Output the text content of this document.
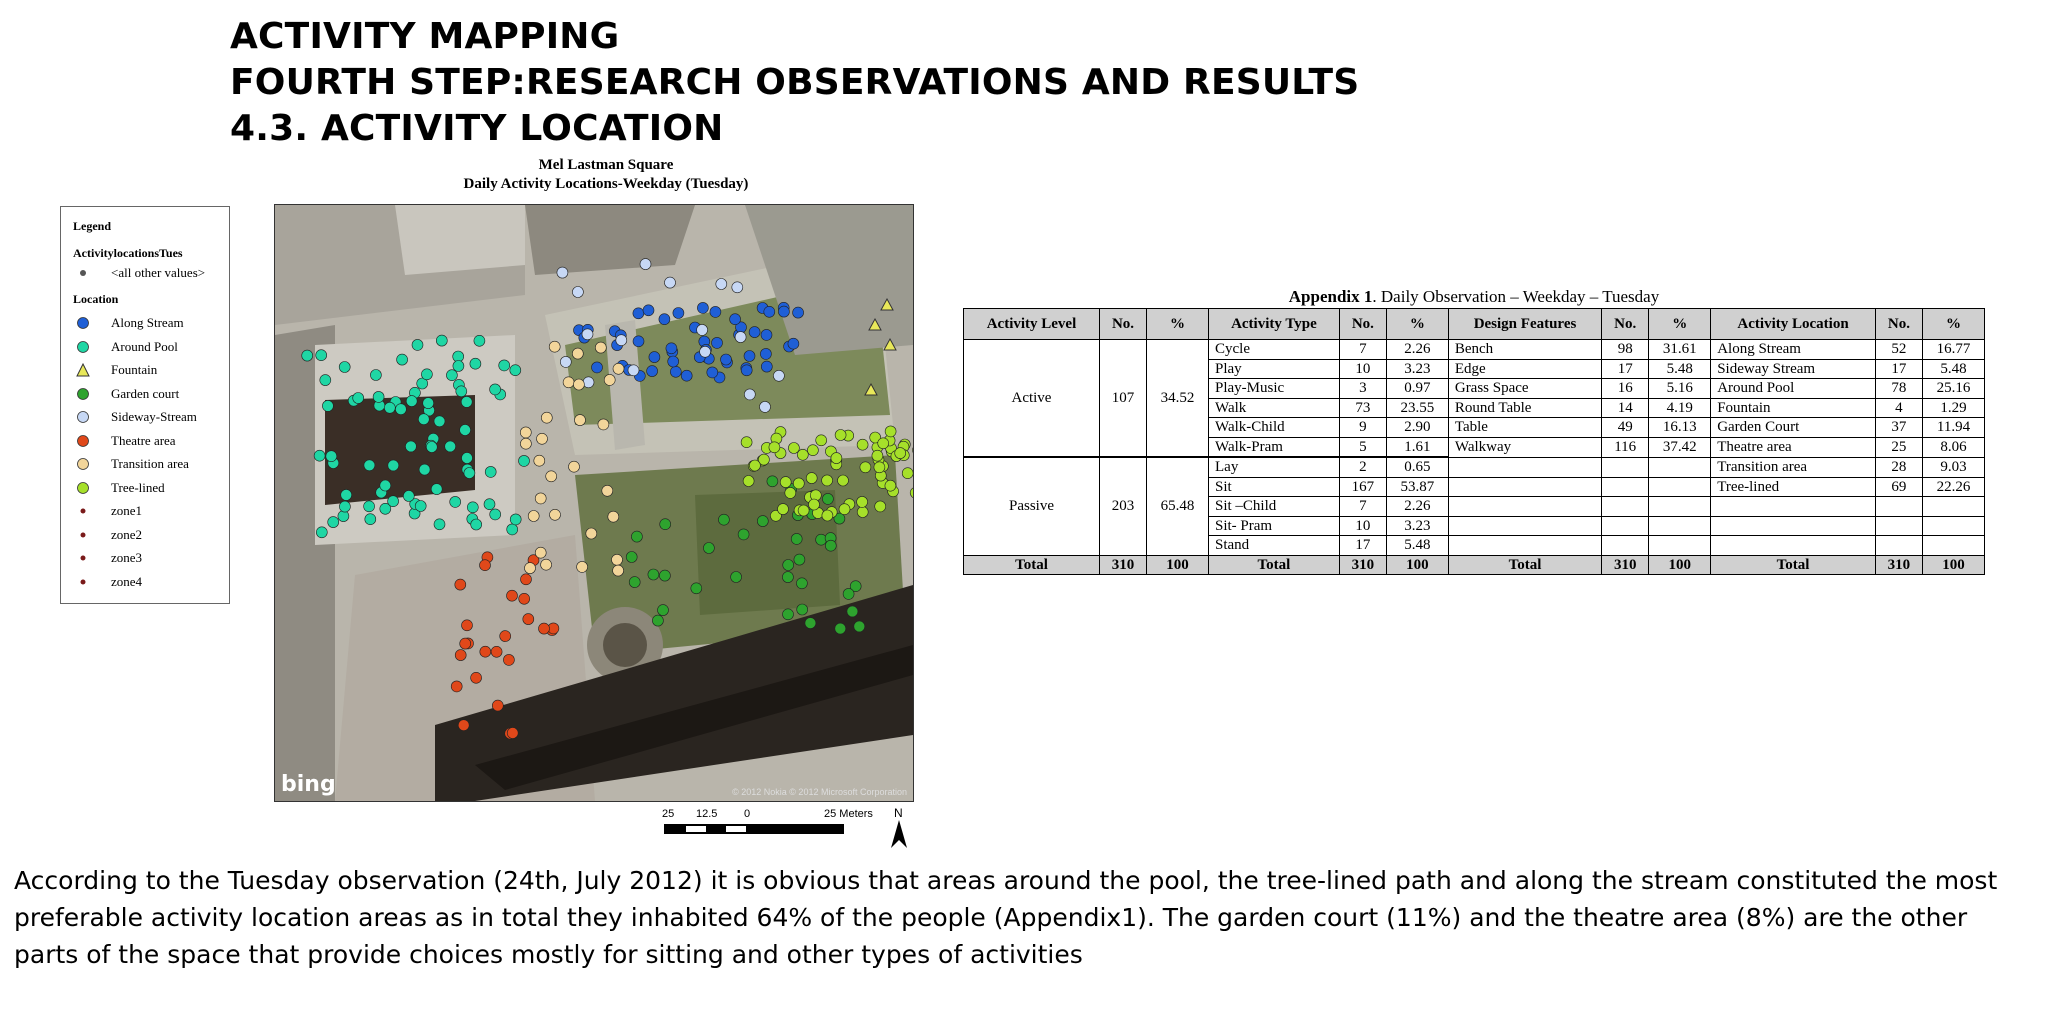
ACTIVITY MAPPING
FOURTH STEP:RESEARCH OBSERVATIONS AND RESULTS
4.3. ACTIVITY LOCATION
Mel Lastman Square
Daily Activity Locations-Weekday (Tuesday)
Legend
ActivitylocationsTues
<all other values>
Location
Along Stream
Around Pool
Fountain
Garden court
Sideway-Stream
Theatre area
Transition area
Tree-lined
zone1
zone2
zone3
zone4
bing	© 2012 Nokia © 2012 Microsoft Corporation
25 12.5 0	25 Meters N
Appendix 1. Daily Observation – Weekday – Tuesday
Activity Level	No.	%	Activity Type	No.	%	Design Features	No.	%	Activity Location	No.	%
Active	107	34.52	Cycle	7	2.26	Bench	98	31.61	Along Stream	52	16.77
			Play	10	3.23	Edge	17	5.48	Sideway Stream	17	5.48
			Play-Music	3	0.97	Grass Space	16	5.16	Around Pool	78	25.16
			Walk	73	23.55	Round Table	14	4.19	Fountain	4	1.29
			Walk-Child	9	2.90	Table	49	16.13	Garden Court	37	11.94
			Walk-Pram	5	1.61	Walkway	116	37.42	Theatre area	25	8.06
Passive	203	65.48	Lay	2	0.65				Transition area	28	9.03
			Sit	167	53.87				Tree-lined	69	22.26
			Sit –Child	7	2.26						
			Sit- Pram	10	3.23						
			Stand	17	5.48						
Total	310	100	Total	310	100	Total	310	100	Total	310	100
According to the Tuesday observation (24th, July 2012) it is obvious that areas around the pool, the tree-lined path and along the stream constituted the most preferable activity location areas as in total they inhabited 64% of the people (Appendix1). The garden court (11%) and the theatre area (8%) are the other parts of the space that provide choices mostly for sitting and other types of activities
